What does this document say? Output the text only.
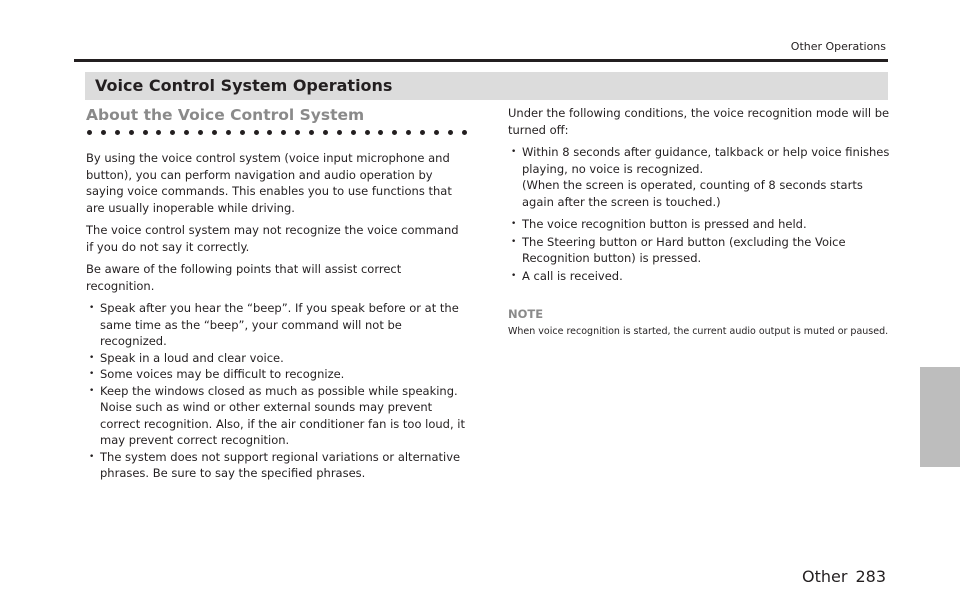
Other Operations
Voice Control System Operations
About the Voice Control System

By using the voice control system (voice input microphone and button), you can perform navigation and audio operation by saying voice commands. This enables you to use functions that are usually inoperable while driving.

The voice control system may not recognize the voice command if you do not say it correctly.

Be aware of the following points that will assist correct recognition.

• Speak after you hear the “beep”. If you speak before or at the same time as the “beep”, your command will not be recognized.
• Speak in a loud and clear voice.
• Some voices may be difficult to recognize.
• Keep the windows closed as much as possible while speaking. Noise such as wind or other external sounds may prevent correct recognition. Also, if the air conditioner fan is too loud, it may prevent correct recognition.
• The system does not support regional variations or alternative phrases. Be sure to say the specified phrases.

Under the following conditions, the voice recognition mode will be turned off:

• Within 8 seconds after guidance, talkback or help voice finishes playing, no voice is recognized.
(When the screen is operated, counting of 8 seconds starts again after the screen is touched.)
• The voice recognition button is pressed and held.
• The Steering button or Hard button (excluding the Voice Recognition button) is pressed.
• A call is received.

NOTE

When voice recognition is started, the current audio output is muted or paused.

Other 283
